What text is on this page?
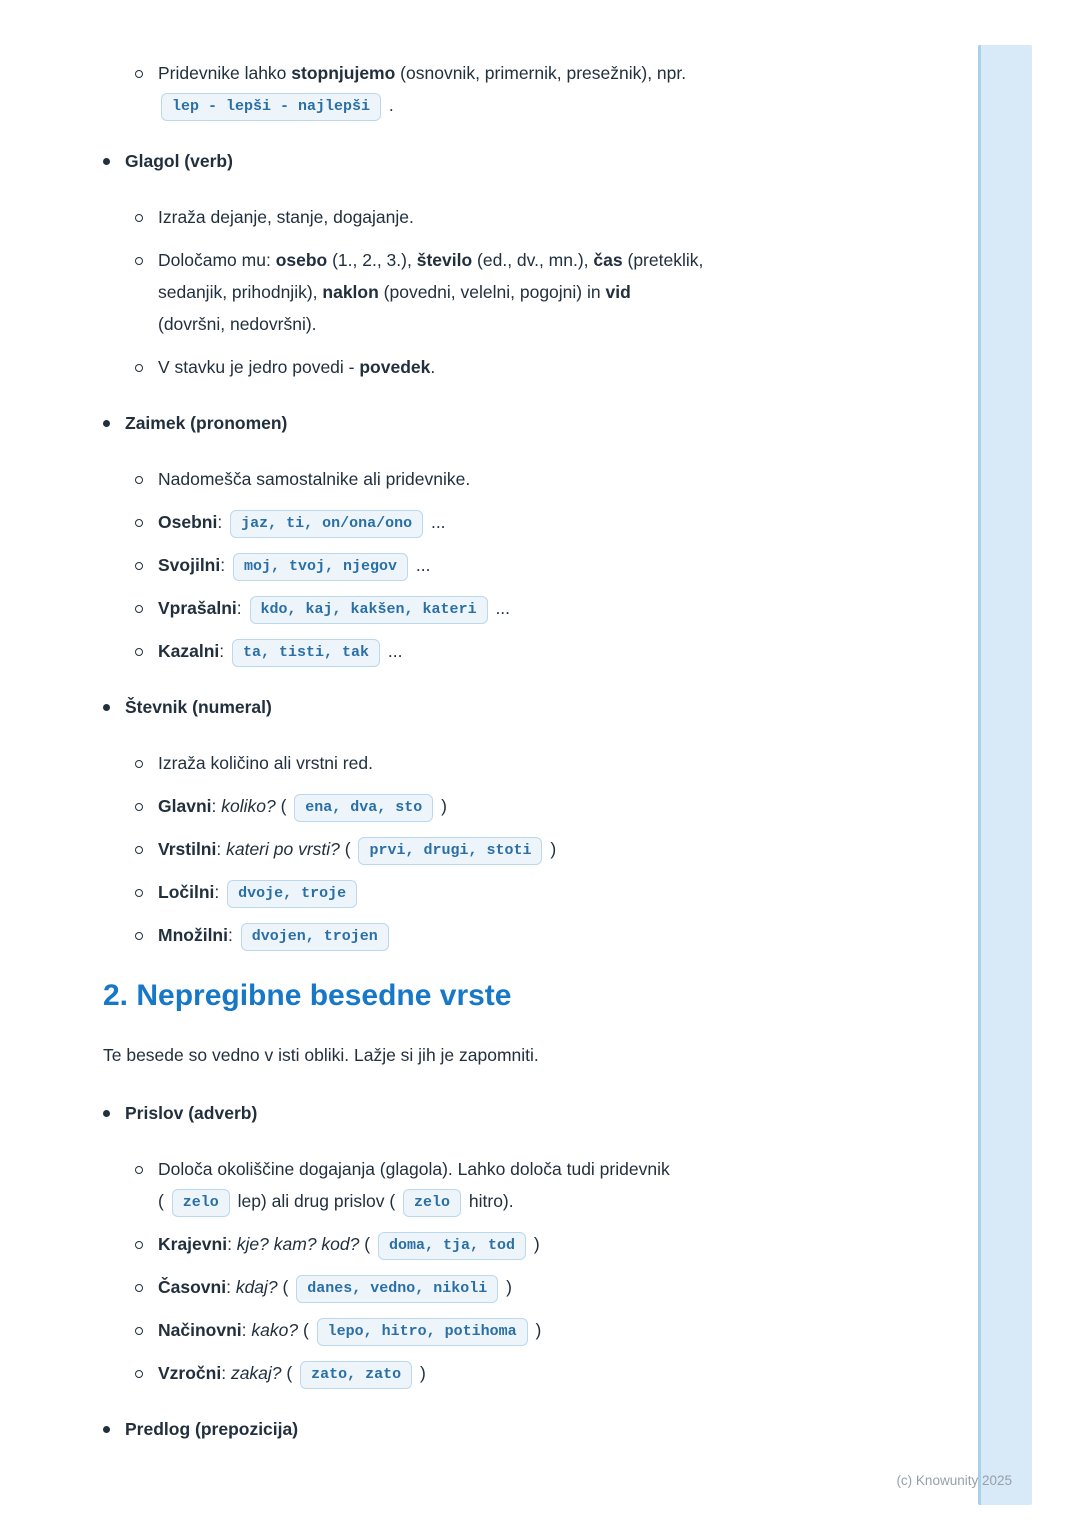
Pridevnike lahko stopnjujemo (osnovnik, primernik, presežnik), npr.
lep - lepši - najlepši .
Glagol (verb)
Izraža dejanje, stanje, dogajanje.
Določamo mu: osebo (1., 2., 3.), število (ed., dv., mn.), čas (preteklik,
sedanjik, prihodnjik), naklon (povedni, velelni, pogojni) in vid
(dovršni, nedovršni).
V stavku je jedro povedi - povedek.
Zaimek (pronomen)
Nadomešča samostalnike ali pridevnike.
Osebni: jaz, ti, on/ona/ono ...
Svojilni: moj, tvoj, njegov ...
Vprašalni: kdo, kaj, kakšen, kateri ...
Kazalni: ta, tisti, tak ...
Števnik (numeral)
Izraža količino ali vrstni red.
Glavni: koliko? ( ena, dva, sto )
Vrstilni: kateri po vrsti? ( prvi, drugi, stoti )
Ločilni: dvoje, troje
Množilni: dvojen, trojen
2. Nepregibne besedne vrste

Te besede so vedno v isti obliki. Lažje si jih je zapomniti.

Prislov (adverb)
Določa okoliščine dogajanja (glagola). Lahko določa tudi pridevnik
( zelo lep) ali drug prislov ( zelo hitro).
Krajevni: kje? kam? kod? ( doma, tja, tod )
Časovni: kdaj? ( danes, vedno, nikoli )
Načinovni: kako? ( lepo, hitro, potihoma )
Vzročni: zakaj? ( zato, zato )
Predlog (prepozicija)
(c) Knowunity 2025
